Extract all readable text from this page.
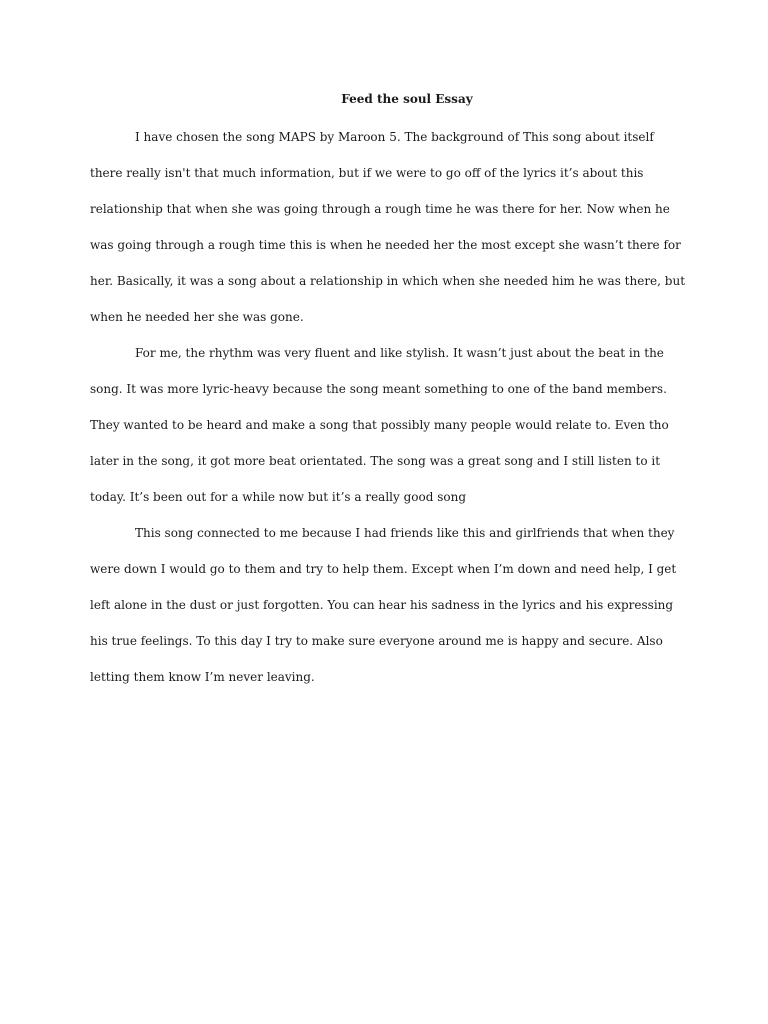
Feed the soul Essay
I have chosen the song MAPS by Maroon 5. The background of This song about itself
there really isn't that much information, but if we were to go off of the lyrics it’s about this
relationship that when she was going through a rough time he was there for her. Now when he
was going through a rough time this is when he needed her the most except she wasn’t there for
her. Basically, it was a song about a relationship in which when she needed him he was there, but
when he needed her she was gone.
For me, the rhythm was very fluent and like stylish. It wasn’t just about the beat in the
song. It was more lyric-heavy because the song meant something to one of the band members.
They wanted to be heard and make a song that possibly many people would relate to. Even tho
later in the song, it got more beat orientated. The song was a great song and I still listen to it
today. It’s been out for a while now but it’s a really good song
This song connected to me because I had friends like this and girlfriends that when they
were down I would go to them and try to help them. Except when I’m down and need help, I get
left alone in the dust or just forgotten. You can hear his sadness in the lyrics and his expressing
his true feelings. To this day I try to make sure everyone around me is happy and secure. Also
letting them know I’m never leaving.
